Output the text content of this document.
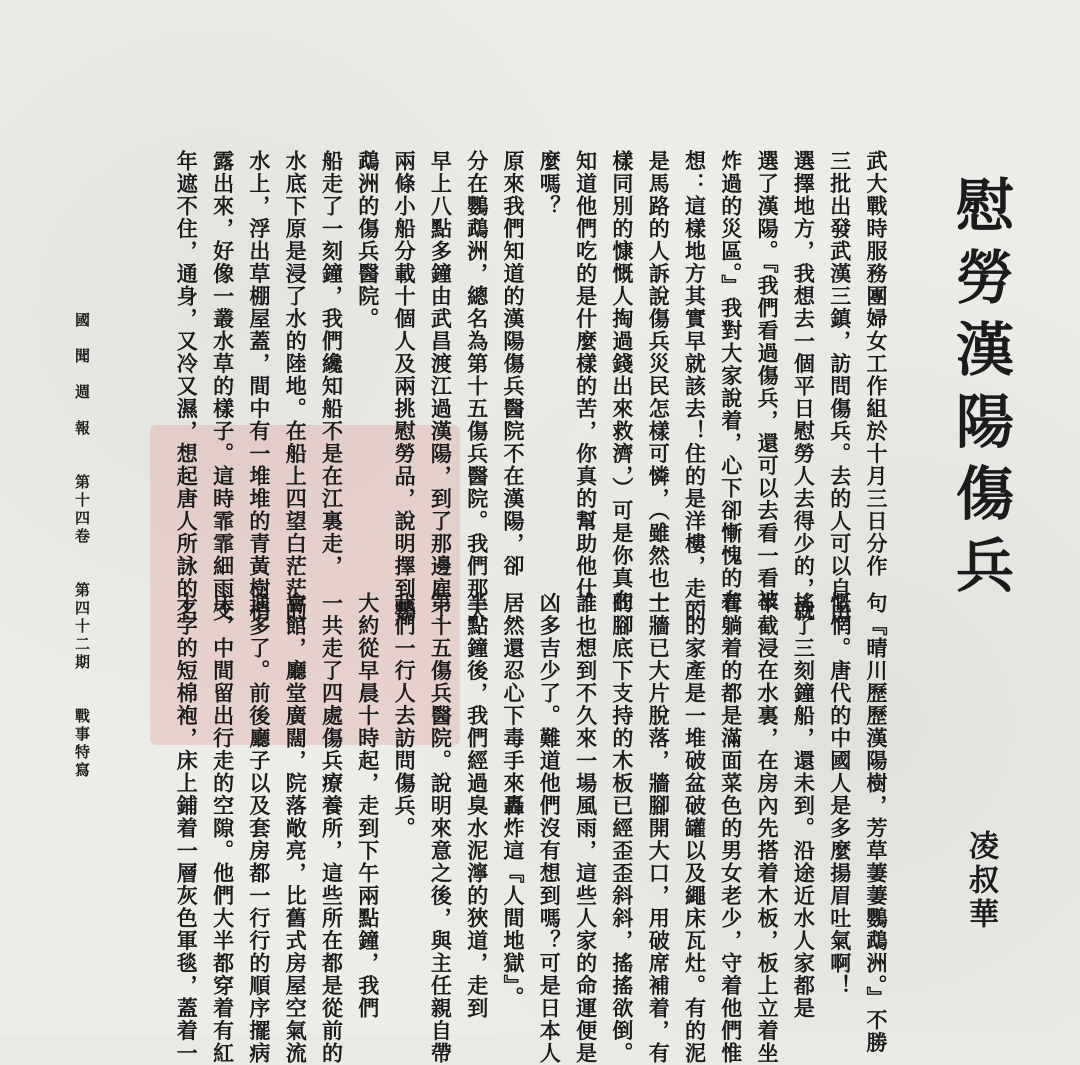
慰勞漢陽傷兵
凌叔華
武大戰時服務團婦女工作組於十月三日分作
三批出發武漢三鎮，訪問傷兵。去的人可以自由
選擇地方，我想去一個平日慰勞人去得少的，就
選了漢陽。『我們看過傷兵，還可以去看一看被
炸過的災區。』我對大家說着，心下卻慚愧的在
想：這樣地方其實早就該去！住的是洋樓，走的
是馬路的人訴說傷兵災民怎樣可憐，（雖然也一
樣同別的慷慨人掏過錢出來救濟，）可是你真在
知道他們吃的是什麼樣的苦，你真的幫助他什
麼嗎？
原來我們知道的漢陽傷兵醫院不在漢陽，卻
分在鸚鵡洲，總名為第十五傷兵醫院。我們那天
早上八點多鐘由武昌渡江過漢陽，到了那邊雇了
兩條小船分載十個人及兩挑慰勞品，說明擇到鸚
鵡洲的傷兵醫院。
船走了一刻鐘，我們纔知船不是在江裏走，
水底下原是浸了水的陸地。在船上四望白茫茫的
水上，浮出草棚屋蓋，間中有一堆堆的青黃樹梢
露出來，好像一叢水草的樣子。這時霏霏細雨支
年遮不住，通身，又冷又濕，想起唐人所詠的名
句『晴川歷歷漢陽樹，芳草萋萋鸚鵡洲。』不勝
慨惘。唐代的中國人是多麼揚眉吐氣啊！
搖了三刻鐘船，還未到。沿途近水人家都是
半截浸在水裏，在房內先搭着木板，板上立着坐
着躺着的都是滿面菜色的男女老少，守着他們惟
一的家產是一堆破盆破罐以及繩床瓦灶。有的泥
土牆已大片脫落，牆腳開大口，用破席補着，有
的腳底下支持的木板已經歪歪斜斜，搖搖欲倒。
誰也想到不久來一場風雨，這些人家的命運便是
凶多吉少了。難道他們沒有想到嗎？可是日本人
居然還忍心下毒手來轟炸這『人間地獄』。
半點鐘後，我們經過臭水泥濘的狹道，走到
第十五傷兵醫院。說明來意之後，與主任親自帶
我們一行人去訪問傷兵。
大約從早晨十時起，走到下午兩點鐘，我們
一共走了四處傷兵療養所，這些所在都是從前的
會館，廳堂廣闊，院落敞亮，比舊式房屋空氣流
通多了。前後廳子以及套房都一行行的順序擺病
床，中間留出行走的空隙。他們大半都穿着有紅
十字的短棉袍，床上鋪着一層灰色軍毯，蓋着一
國　聞　週　報　　第十四卷　　第四十二期　　戰事特寫
